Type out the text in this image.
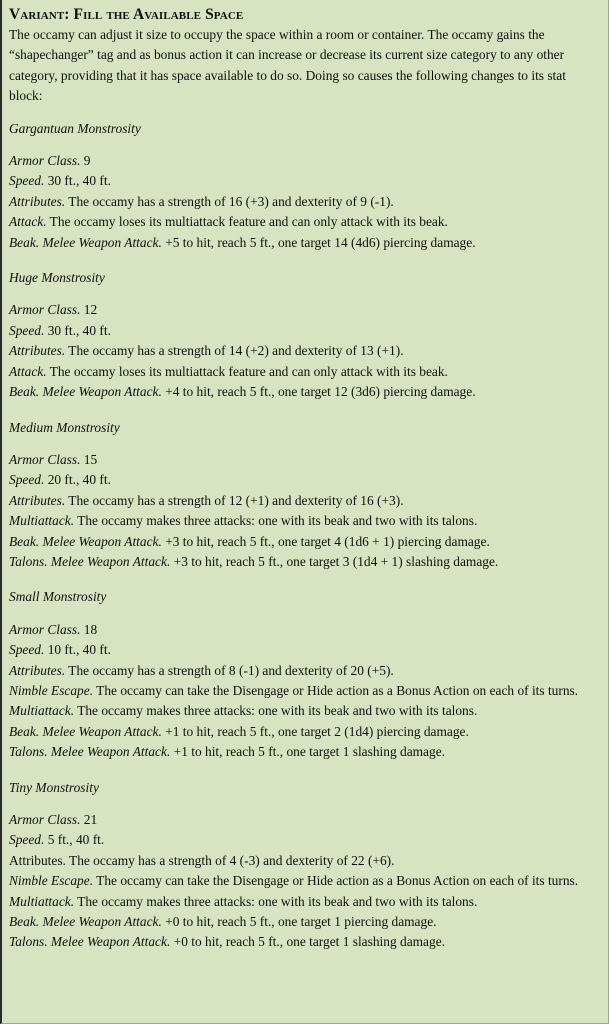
Variant: Fill the Available Space

The occamy can adjust it size to occupy the space within a room or container. The occamy gains the “shapechanger” tag and as bonus action it can increase or decrease its current size category to any other category, providing that it has space available to do so. Doing so causes the following changes to its stat block:

Gargantuan Monstrosity

Armor Class. 9

Speed. 30 ft., 40 ft.

Attributes. The occamy has a strength of 16 (+3) and dexterity of 9 (-1).

Attack. The occamy loses its multiattack feature and can only attack with its beak.

Beak. Melee Weapon Attack. +5 to hit, reach 5 ft., one target 14 (4d6) piercing damage.

Huge Monstrosity

Armor Class. 12

Speed. 30 ft., 40 ft.

Attributes. The occamy has a strength of 14 (+2) and dexterity of 13 (+1).

Attack. The occamy loses its multiattack feature and can only attack with its beak.

Beak. Melee Weapon Attack. +4 to hit, reach 5 ft., one target 12 (3d6) piercing damage.

Medium Monstrosity

Armor Class. 15

Speed. 20 ft., 40 ft.

Attributes. The occamy has a strength of 12 (+1) and dexterity of 16 (+3).

Multiattack. The occamy makes three attacks: one with its beak and two with its talons.

Beak. Melee Weapon Attack. +3 to hit, reach 5 ft., one target 4 (1d6 + 1) piercing damage.

Talons. Melee Weapon Attack. +3 to hit, reach 5 ft., one target 3 (1d4 + 1) slashing damage.

Small Monstrosity

Armor Class. 18

Speed. 10 ft., 40 ft.

Attributes. The occamy has a strength of 8 (-1) and dexterity of 20 (+5).

Nimble Escape. The occamy can take the Disengage or Hide action as a Bonus Action on each of its turns.

Multiattack. The occamy makes three attacks: one with its beak and two with its talons.

Beak. Melee Weapon Attack. +1 to hit, reach 5 ft., one target 2 (1d4) piercing damage.

Talons. Melee Weapon Attack. +1 to hit, reach 5 ft., one target 1 slashing damage.

Tiny Monstrosity

Armor Class. 21

Speed. 5 ft., 40 ft.

Attributes. The occamy has a strength of 4 (-3) and dexterity of 22 (+6).

Nimble Escape. The occamy can take the Disengage or Hide action as a Bonus Action on each of its turns.

Multiattack. The occamy makes three attacks: one with its beak and two with its talons.

Beak. Melee Weapon Attack. +0 to hit, reach 5 ft., one target 1 piercing damage.

Talons. Melee Weapon Attack. +0 to hit, reach 5 ft., one target 1 slashing damage.
